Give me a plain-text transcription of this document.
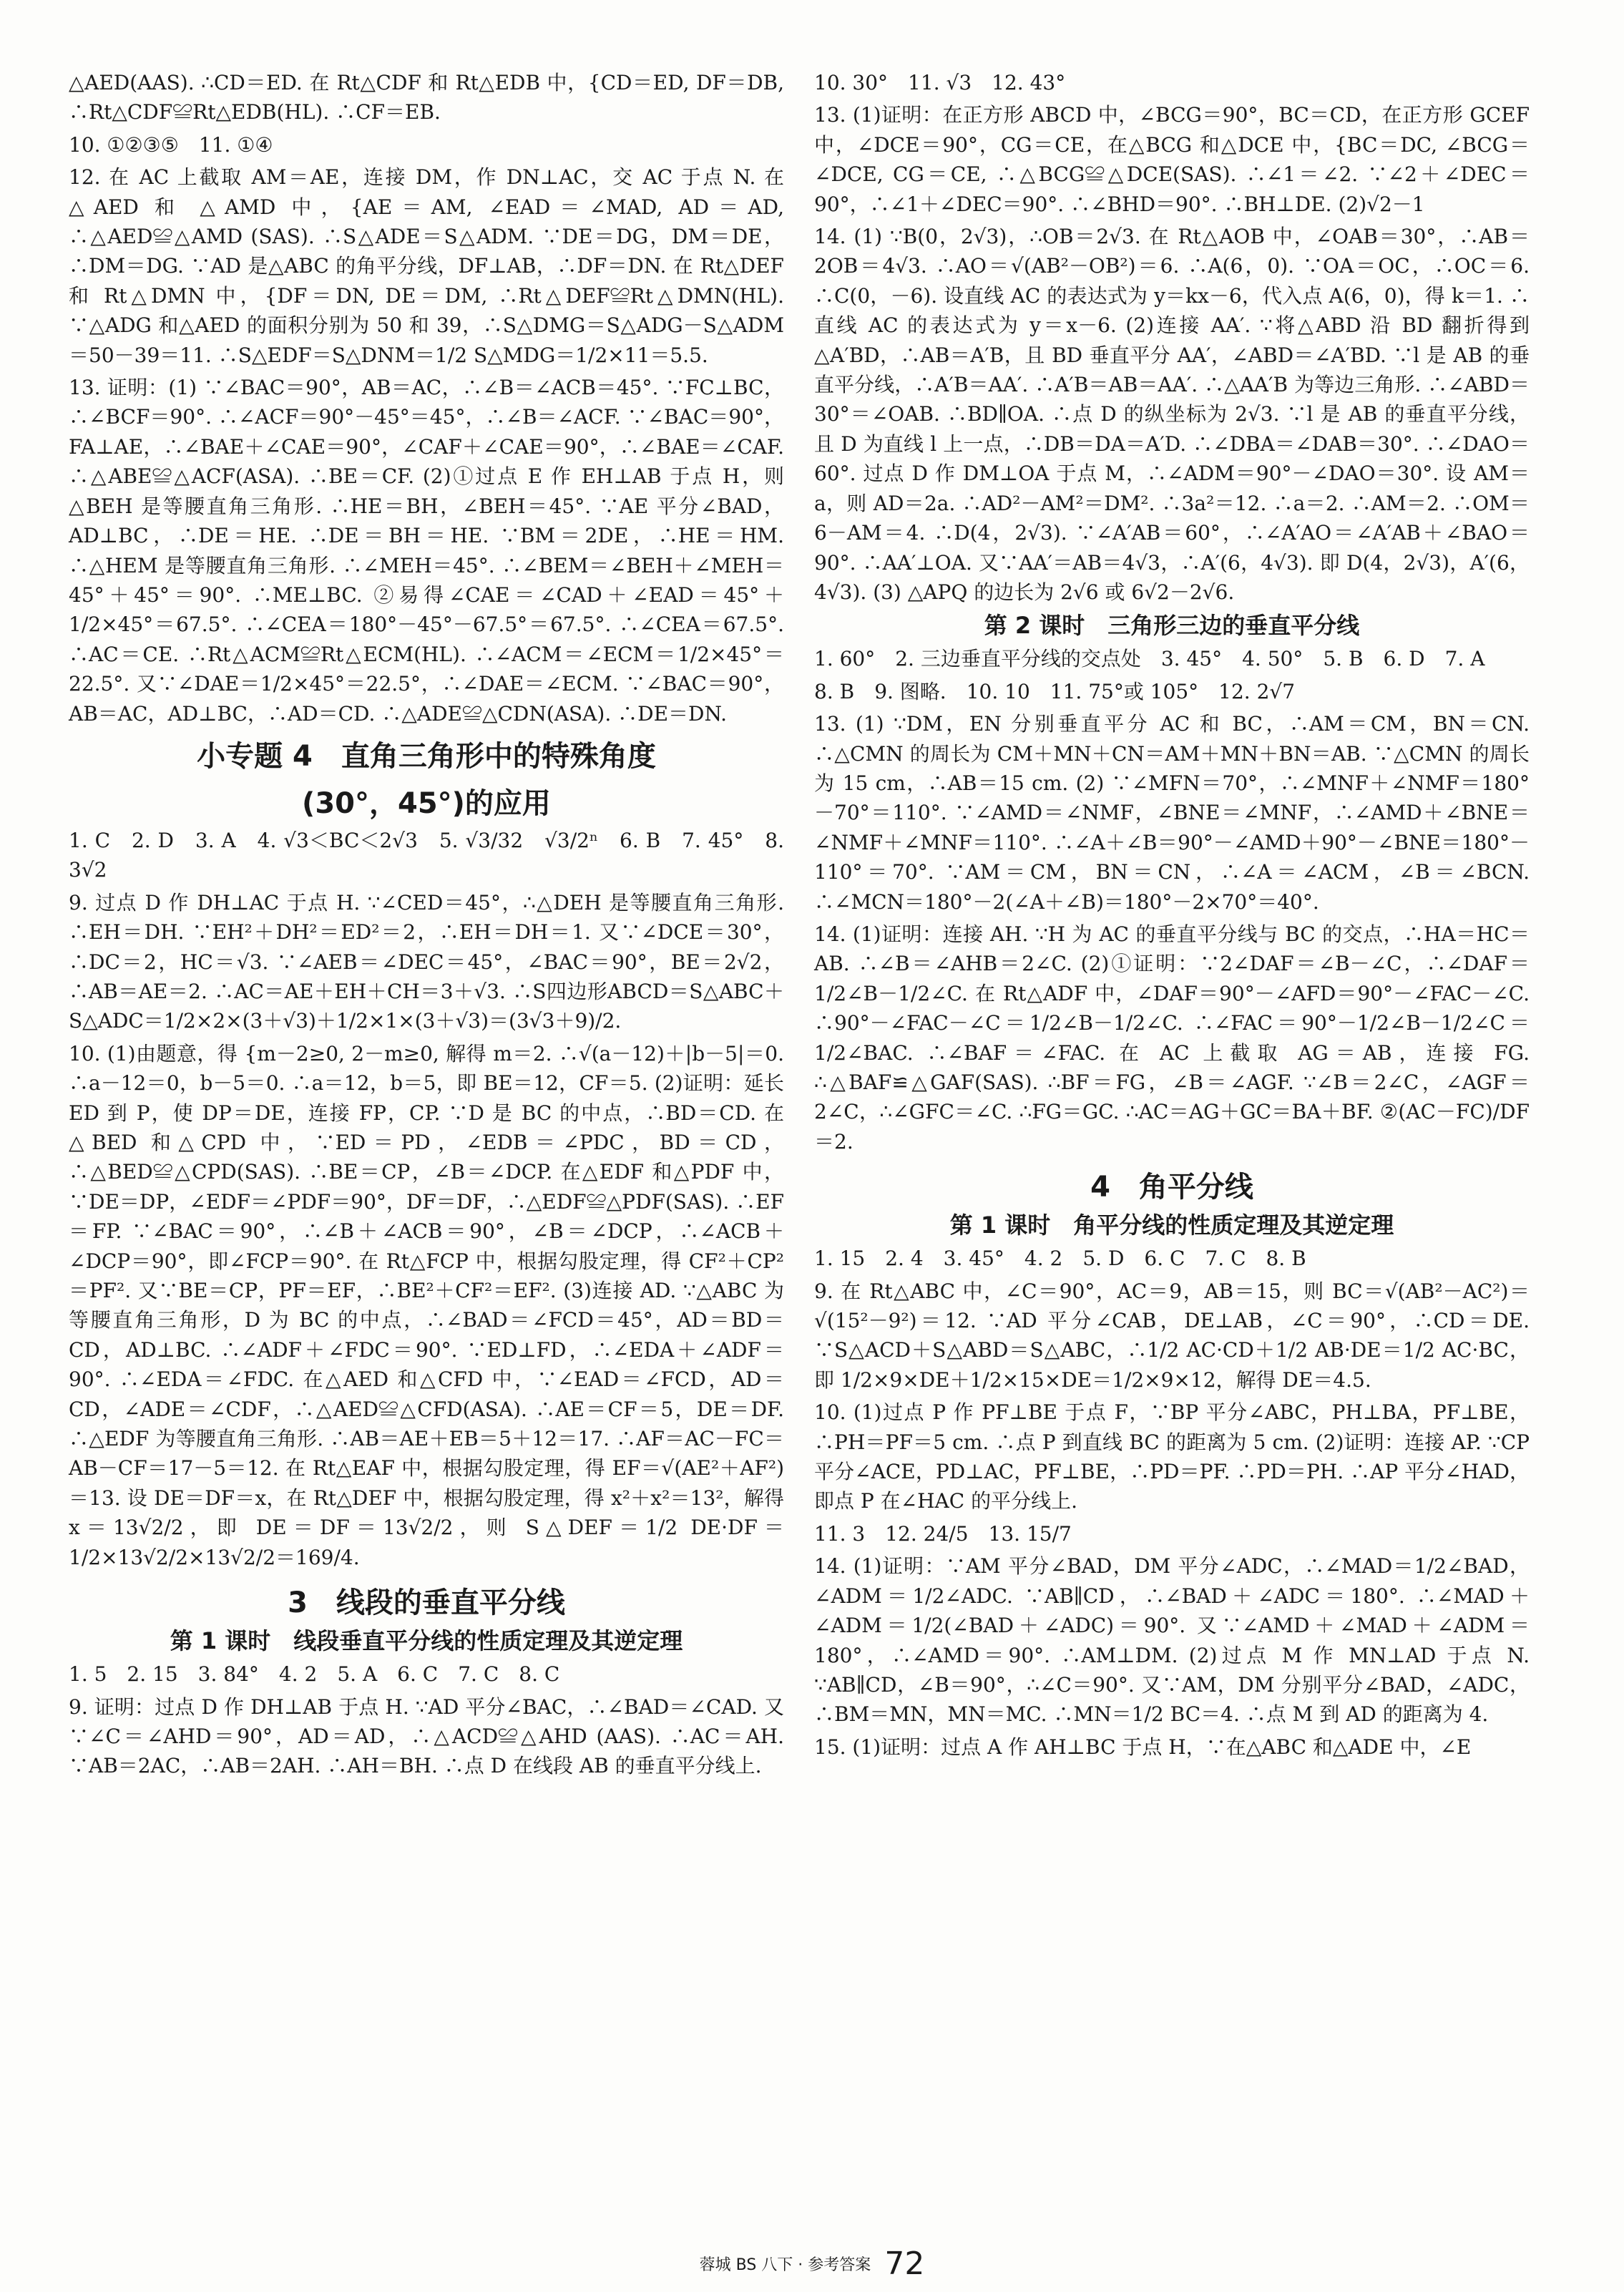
△AED(AAS). ∴CD＝ED. 在 Rt△CDF 和 Rt△EDB 中，{CD＝ED, DF＝DB, ∴Rt△CDF≌Rt△EDB(HL). ∴CF＝EB.

10. ①②③⑤　11. ①④

12. 在 AC 上截取 AM＝AE，连接 DM，作 DN⊥AC，交 AC 于点 N. 在 △AED 和 △AMD 中，{AE＝AM, ∠EAD＝∠MAD, AD＝AD, ∴△AED≌△AMD (SAS). ∴S△ADE＝S△ADM. ∵DE＝DG，DM＝DE，∴DM＝DG. ∵AD 是△ABC 的角平分线，DF⊥AB，∴DF＝DN. 在 Rt△DEF 和 Rt△DMN 中，{DF＝DN, DE＝DM, ∴Rt△DEF≌Rt△DMN(HL). ∵△ADG 和△AED 的面积分别为 50 和 39，∴S△DMG＝S△ADG－S△ADM＝50－39＝11. ∴S△EDF＝S△DNM＝1/2 S△MDG＝1/2×11＝5.5.

13. 证明：(1) ∵∠BAC＝90°，AB＝AC，∴∠B＝∠ACB＝45°. ∵FC⊥BC，∴∠BCF＝90°. ∴∠ACF＝90°－45°＝45°，∴∠B＝∠ACF. ∵∠BAC＝90°，FA⊥AE，∴∠BAE＋∠CAE＝90°，∠CAF＋∠CAE＝90°，∴∠BAE＝∠CAF. ∴△ABE≌△ACF(ASA). ∴BE＝CF. (2)①过点 E 作 EH⊥AB 于点 H，则△BEH 是等腰直角三角形. ∴HE＝BH，∠BEH＝45°. ∵AE 平分∠BAD，AD⊥BC，∴DE＝HE. ∴DE＝BH＝HE. ∵BM＝2DE，∴HE＝HM. ∴△HEM 是等腰直角三角形. ∴∠MEH＝45°. ∴∠BEM＝∠BEH＋∠MEH＝45°＋45°＝90°. ∴ME⊥BC. ②易得∠CAE＝∠CAD＋∠EAD＝45°＋1/2×45°＝67.5°. ∴∠CEA＝180°－45°－67.5°＝67.5°. ∴∠CEA＝67.5°. ∴AC＝CE. ∴Rt△ACM≌Rt△ECM(HL). ∴∠ACM＝∠ECM＝1/2×45°＝22.5°. 又∵∠DAE＝1/2×45°＝22.5°，∴∠DAE＝∠ECM. ∵∠BAC＝90°，AB＝AC，AD⊥BC，∴AD＝CD. ∴△ADE≌△CDN(ASA). ∴DE＝DN.

小专题 4　直角三角形中的特殊角度
(30°，45°)的应用

1. C　2. D　3. A　4. √3＜BC＜2√3　5. √3/32　√3/2ⁿ　6. B　7. 45°　8. 3√2

9. 过点 D 作 DH⊥AC 于点 H. ∵∠CED＝45°，∴△DEH 是等腰直角三角形. ∴EH＝DH. ∵EH²＋DH²＝ED²＝2，∴EH＝DH＝1. 又∵∠DCE＝30°，∴DC＝2，HC＝√3. ∵∠AEB＝∠DEC＝45°，∠BAC＝90°，BE＝2√2，∴AB＝AE＝2. ∴AC＝AE＋EH＋CH＝3＋√3. ∴S四边形ABCD＝S△ABC＋S△ADC＝1/2×2×(3＋√3)＋1/2×1×(3＋√3)＝(3√3＋9)/2.

10. (1)由题意，得 {m－2≥0, 2－m≥0, 解得 m＝2. ∴√(a－12)＋|b－5|＝0. ∴a－12＝0，b－5＝0. ∴a＝12，b＝5，即 BE＝12，CF＝5. (2)证明：延长 ED 到 P，使 DP＝DE，连接 FP，CP. ∵D 是 BC 的中点，∴BD＝CD. 在△BED 和△CPD 中，∵ED＝PD，∠EDB＝∠PDC，BD＝CD，∴△BED≌△CPD(SAS). ∴BE＝CP，∠B＝∠DCP. 在△EDF 和△PDF 中，∵DE＝DP，∠EDF＝∠PDF＝90°，DF＝DF，∴△EDF≌△PDF(SAS). ∴EF＝FP. ∵∠BAC＝90°，∴∠B＋∠ACB＝90°，∠B＝∠DCP，∴∠ACB＋∠DCP＝90°，即∠FCP＝90°. 在 Rt△FCP 中，根据勾股定理，得 CF²＋CP²＝PF². 又∵BE＝CP，PF＝EF，∴BE²＋CF²＝EF². (3)连接 AD. ∵△ABC 为等腰直角三角形，D 为 BC 的中点，∴∠BAD＝∠FCD＝45°，AD＝BD＝CD，AD⊥BC. ∴∠ADF＋∠FDC＝90°. ∵ED⊥FD，∴∠EDA＋∠ADF＝90°. ∴∠EDA＝∠FDC. 在△AED 和△CFD 中，∵∠EAD＝∠FCD，AD＝CD，∠ADE＝∠CDF，∴△AED≌△CFD(ASA). ∴AE＝CF＝5，DE＝DF. ∴△EDF 为等腰直角三角形. ∴AB＝AE＋EB＝5＋12＝17. ∴AF＝AC－FC＝AB－CF＝17－5＝12. 在 Rt△EAF 中，根据勾股定理，得 EF＝√(AE²＋AF²)＝13. 设 DE＝DF＝x，在 Rt△DEF 中，根据勾股定理，得 x²＋x²＝13²，解得 x＝13√2/2，即 DE＝DF＝13√2/2，则 S△DEF＝1/2 DE·DF＝1/2×13√2/2×13√2/2＝169/4.

3　线段的垂直平分线
第 1 课时　线段垂直平分线的性质定理及其逆定理

1. 5　2. 15　3. 84°　4. 2　5. A　6. C　7. C　8. C

9. 证明：过点 D 作 DH⊥AB 于点 H. ∵AD 平分∠BAC，∴∠BAD＝∠CAD. 又∵∠C＝∠AHD＝90°，AD＝AD，∴△ACD≌△AHD (AAS). ∴AC＝AH. ∵AB＝2AC，∴AB＝2AH. ∴AH＝BH. ∴点 D 在线段 AB 的垂直平分线上.

10. 30°　11. √3　12. 43°

13. (1)证明：在正方形 ABCD 中，∠BCG＝90°，BC＝CD，在正方形 GCEF 中，∠DCE＝90°，CG＝CE，在△BCG 和△DCE 中，{BC＝DC, ∠BCG＝∠DCE, CG＝CE, ∴△BCG≌△DCE(SAS). ∴∠1＝∠2. ∵∠2＋∠DEC＝90°，∴∠1＋∠DEC＝90°. ∴∠BHD＝90°. ∴BH⊥DE. (2)√2－1

14. (1) ∵B(0，2√3)，∴OB＝2√3. 在 Rt△AOB 中，∠OAB＝30°，∴AB＝2OB＝4√3. ∴AO＝√(AB²－OB²)＝6. ∴A(6，0). ∵OA＝OC，∴OC＝6. ∴C(0，－6). 设直线 AC 的表达式为 y＝kx－6，代入点 A(6，0)，得 k＝1. ∴直线 AC 的表达式为 y＝x－6. (2)连接 AA′. ∵将△ABD 沿 BD 翻折得到△A′BD，∴AB＝A′B，且 BD 垂直平分 AA′，∠ABD＝∠A′BD. ∵l 是 AB 的垂直平分线，∴A′B＝AA′. ∴A′B＝AB＝AA′. ∴△AA′B 为等边三角形. ∴∠ABD＝30°＝∠OAB. ∴BD∥OA. ∴点 D 的纵坐标为 2√3. ∵l 是 AB 的垂直平分线，且 D 为直线 l 上一点，∴DB＝DA＝A′D. ∴∠DBA＝∠DAB＝30°. ∴∠DAO＝60°. 过点 D 作 DM⊥OA 于点 M，∴∠ADM＝90°－∠DAO＝30°. 设 AM＝a，则 AD＝2a. ∴AD²－AM²＝DM². ∴3a²＝12. ∴a＝2. ∴AM＝2. ∴OM＝6－AM＝4. ∴D(4，2√3). ∵∠A′AB＝60°，∴∠A′AO＝∠A′AB＋∠BAO＝90°. ∴AA′⊥OA. 又∵AA′＝AB＝4√3，∴A′(6，4√3). 即 D(4，2√3)，A′(6，4√3). (3) △APQ 的边长为 2√6 或 6√2－2√6.

第 2 课时　三角形三边的垂直平分线

1. 60°　2. 三边垂直平分线的交点处　3. 45°　4. 50°　5. B　6. D　7. A

8. B　9. 图略.　10. 10　11. 75°或 105°　12. 2√7

13. (1) ∵DM，EN 分别垂直平分 AC 和 BC，∴AM＝CM，BN＝CN. ∴△CMN 的周长为 CM＋MN＋CN＝AM＋MN＋BN＝AB. ∵△CMN 的周长为 15 cm，∴AB＝15 cm. (2) ∵∠MFN＝70°，∴∠MNF＋∠NMF＝180°－70°＝110°. ∵∠AMD＝∠NMF，∠BNE＝∠MNF，∴∠AMD＋∠BNE＝∠NMF＋∠MNF＝110°. ∴∠A＋∠B＝90°－∠AMD＋90°－∠BNE＝180°－110°＝70°. ∵AM＝CM，BN＝CN，∴∠A＝∠ACM，∠B＝∠BCN. ∴∠MCN＝180°－2(∠A＋∠B)＝180°－2×70°＝40°.

14. (1)证明：连接 AH. ∵H 为 AC 的垂直平分线与 BC 的交点，∴HA＝HC＝AB. ∴∠B＝∠AHB＝2∠C. (2)①证明：∵2∠DAF＝∠B－∠C，∴∠DAF＝1/2∠B－1/2∠C. 在 Rt△ADF 中，∠DAF＝90°－∠AFD＝90°－∠FAC－∠C. ∴90°－∠FAC－∠C＝1/2∠B－1/2∠C. ∴∠FAC＝90°－1/2∠B－1/2∠C＝1/2∠BAC. ∴∠BAF＝∠FAC. 在 AC 上截取 AG＝AB，连接 FG. ∴△BAF≌△GAF(SAS). ∴BF＝FG，∠B＝∠AGF. ∵∠B＝2∠C，∠AGF＝2∠C，∴∠GFC＝∠C. ∴FG＝GC. ∴AC＝AG＋GC＝BA＋BF. ②(AC－FC)/DF＝2.

4　角平分线
第 1 课时　角平分线的性质定理及其逆定理

1. 15　2. 4　3. 45°　4. 2　5. D　6. C　7. C　8. B

9. 在 Rt△ABC 中，∠C＝90°，AC＝9，AB＝15，则 BC＝√(AB²－AC²)＝√(15²－9²)＝12. ∵AD 平分∠CAB，DE⊥AB，∠C＝90°，∴CD＝DE. ∵S△ACD＋S△ABD＝S△ABC，∴1/2 AC·CD＋1/2 AB·DE＝1/2 AC·BC，即 1/2×9×DE＋1/2×15×DE＝1/2×9×12，解得 DE＝4.5.

10. (1)过点 P 作 PF⊥BE 于点 F，∵BP 平分∠ABC，PH⊥BA，PF⊥BE，∴PH＝PF＝5 cm. ∴点 P 到直线 BC 的距离为 5 cm. (2)证明：连接 AP. ∵CP 平分∠ACE，PD⊥AC，PF⊥BE，∴PD＝PF. ∴PD＝PH. ∴AP 平分∠HAD，即点 P 在∠HAC 的平分线上.

11. 3　12. 24/5　13. 15/7

14. (1)证明：∵AM 平分∠BAD，DM 平分∠ADC，∴∠MAD＝1/2∠BAD，∠ADM＝1/2∠ADC. ∵AB∥CD，∴∠BAD＋∠ADC＝180°. ∴∠MAD＋∠ADM＝1/2(∠BAD＋∠ADC)＝90°. 又∵∠AMD＋∠MAD＋∠ADM＝180°，∴∠AMD＝90°. ∴AM⊥DM. (2)过点 M 作 MN⊥AD 于点 N. ∵AB∥CD，∠B＝90°，∴∠C＝90°. 又∵AM，DM 分别平分∠BAD，∠ADC，∴BM＝MN，MN＝MC. ∴MN＝1/2 BC＝4. ∴点 M 到 AD 的距离为 4.

15. (1)证明：过点 A 作 AH⊥BC 于点 H，∵在△ABC 和△ADE 中，∠E

蓉城 BS 八下 · 参考答案 72
